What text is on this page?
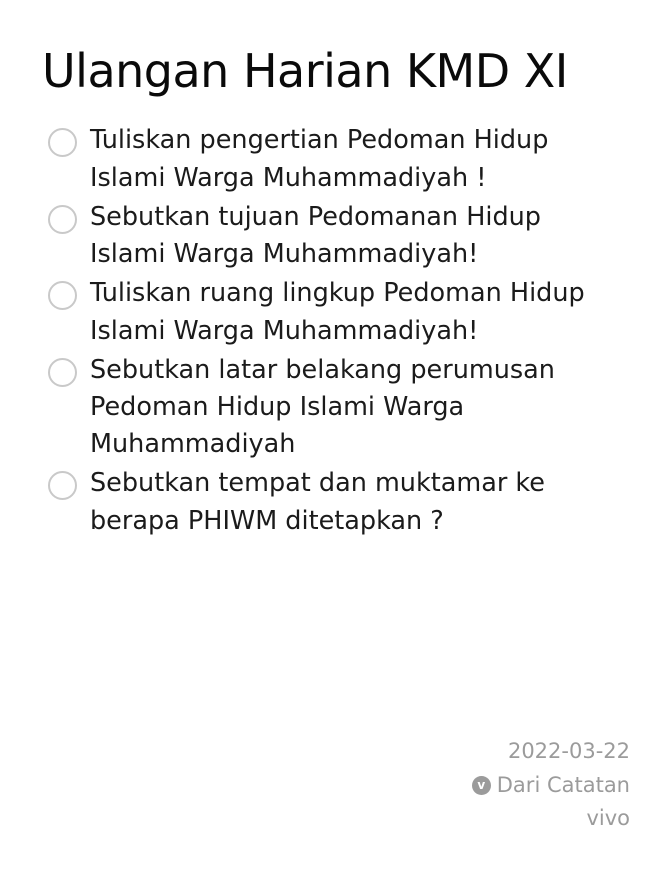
Ulangan Harian KMD XI
Tuliskan pengertian Pedoman Hidup Islami Warga Muhammadiyah !
Sebutkan tujuan Pedomanan Hidup Islami Warga Muhammadiyah!
Tuliskan ruang lingkup Pedoman Hidup Islami Warga Muhammadiyah!
Sebutkan latar belakang perumusan Pedoman Hidup Islami Warga Muhammadiyah
Sebutkan tempat dan muktamar ke berapa PHIWM ditetapkan ?
2022-03-22
v Dari Catatan
vivo
